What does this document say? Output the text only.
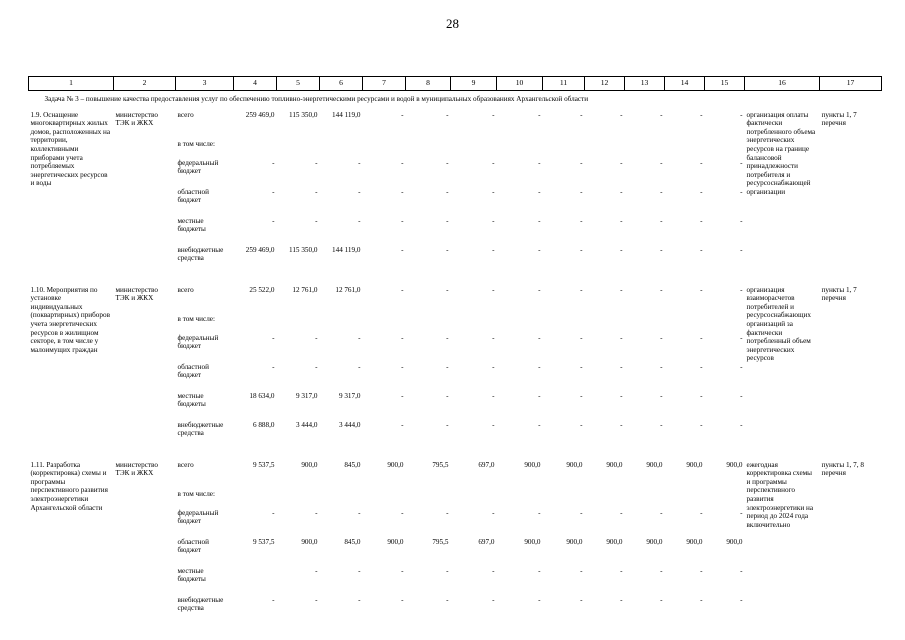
28
1	2	3	4	5	6	7	8	9	10	11	12	13	14	15	16	17
Задача № 3 – повышение качества предоставления услуг по обеспечению топливно-энергетическими ресурсами и водой в муниципальных образованиях Архангельской области																
1.9. Оснащение многоквартирных жилых домов, расположенных на территории, коллективными приборами учета потребляемых энергетических ресурсов и воды	министерство ТЭК и ЖКХ	всего	259 469,0	115 350,0	144 119,0	-	-	-	-	-	-	-	-	-	организация оплаты фактически потребленного объема энергетических ресурсов на границе балансовой принадлежности потребителя и ресурсоснабжающей организации	пункты 1, 7 перечня
		в том числе:														
		федеральный бюджет	-	-	-	-	-	-	-	-	-	-	-	-		
		областной бюджет	-	-	-	-	-	-	-	-	-	-	-	-		
		местные бюджеты	-	-	-	-	-	-	-	-	-	-	-	-		
		внебюджетные средства	259 469,0	115 350,0	144 119,0	-	-	-	-	-	-	-	-	-		

1.10. Мероприятия по установке индивидуальных (поквартирных) приборов учета энергетических ресурсов в жилищном секторе, в том числе у малоимущих граждан	министерство ТЭК и ЖКХ	всего	25 522,0	12 761,0	12 761,0	-	-	-	-	-	-	-	-	-	организация взаиморасчетов потребителей и ресурсоснабжающих организаций за фактически потребленный объем энергетических ресурсов	пункты 1, 7 перечня
		в том числе:														
		федеральный бюджет	-	-	-	-	-	-	-	-	-	-	-	-		
		областной бюджет	-	-	-	-	-	-	-	-	-	-	-	-		
		местные бюджеты	18 634,0	9 317,0	9 317,0	-	-	-	-	-	-	-	-	-		
		внебюджетные средства	6 888,0	3 444,0	3 444,0	-	-	-	-	-	-	-	-	-		

1.11. Разработка (корректировка) схемы и программы перспективного развития электроэнергетики Архангельской области	министерство ТЭК и ЖКХ	всего	9 537,5	900,0	845,0	900,0	795,5	697,0	900,0	900,0	900,0	900,0	900,0	900,0	ежегодная корректировка схемы и программы перспективного развития электроэнергетики на период до 2024 года включительно	пункты 1, 7, 8 перечня
		в том числе:														
		федеральный бюджет	-	-	-	-	-	-	-	-	-	-	-	-		
		областной бюджет	9 537,5	900,0	845,0	900,0	795,5	697,0	900,0	900,0	900,0	900,0	900,0	900,0		
		местные бюджеты		-	-	-	-	-	-	-	-	-	-	-		
		внебюджетные средства	-	-	-	-	-	-	-	-	-	-	-	-		
